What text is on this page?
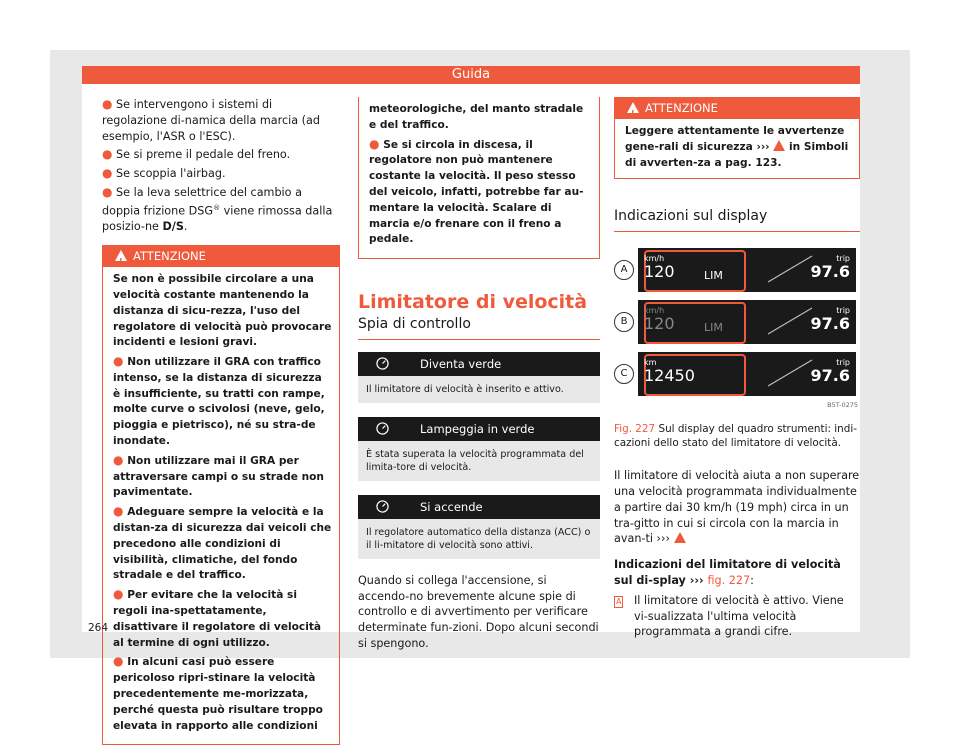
Guida
● Se intervengono i sistemi di regolazione di-namica della marcia (ad esempio, l'ASR o l'ESC).
● Se si preme il pedale del freno.
● Se scoppia l'airbag.
● Se la leva selettrice del cambio a doppia frizione DSG® viene rimossa dalla posizio-ne D/S.
!ATTENZIONE

Se non è possibile circolare a una velocità costante mantenendo la distanza di sicu-rezza, l'uso del regolatore di velocità può provocare incidenti e lesioni gravi.

● Non utilizzare il GRA con traffico intenso, se la distanza di sicurezza è insufficiente, su tratti con rampe, molte curve o scivolosi (neve, gelo, pioggia e pietrisco), né su stra-de inondate.

● Non utilizzare mai il GRA per attraversare campi o su strade non pavimentate.

● Adeguare sempre la velocità e la distan-za di sicurezza dai veicoli che precedono alle condizioni di visibilità, climatiche, del fondo stradale e del traffico.

● Per evitare che la velocità si regoli ina-spettatamente, disattivare il regolatore di velocità al termine di ogni utilizzo.

● In alcuni casi può essere pericoloso ripri-stinare la velocità precedentemente me-morizzata, perché questa può risultare troppo elevata in rapporto alle condizioni

meteorologiche, del manto stradale e del traffico.

● Se si circola in discesa, il regolatore non può mantenere costante la velocità. Il peso stesso del veicolo, infatti, potrebbe far au-mentare la velocità. Scalare di marcia e/o frenare con il freno a pedale.

Limitatore di velocità
Spia di controllo
Diventa verde
Il limitatore di velocità è inserito e attivo.
Lampeggia in verde
È stata superata la velocità programmata del limita-tore di velocità.
Si accende
Il regolatore automatico della distanza (ACC) o il li-mitatore di velocità sono attivi.
Quando si collega l'accensione, si accendo-no brevemente alcune spie di controllo e di avvertimento per verificare determinate fun-zioni. Dopo alcuni secondi si spengono.
!ATTENZIONE
Leggere attentamente le avvertenze gene-rali di sicurezza ›››  in Simboli di avverten-za a pag. 123.
Indicazioni sul display
A
km/h
120	LIM
trip
97.6
B
km/h
120	LIM
trip
97.6
C
km
12450
trip
97.6
B5T-0275
Fig. 227 Sul display del quadro strumenti: indi-cazioni dello stato del limitatore di velocità.
Il limitatore di velocità aiuta a non superare una velocità programmata individualmente a partire dai 30 km/h (19 mph) circa in un tra-gitto in cui si circola con la marcia in avan-ti ›››
Indicazioni del limitatore di velocità sul di-splay ››› fig. 227:
A	Il limitatore di velocità è attivo. Viene vi-sualizzata l'ultima velocità programmata a grandi cifre.
264
